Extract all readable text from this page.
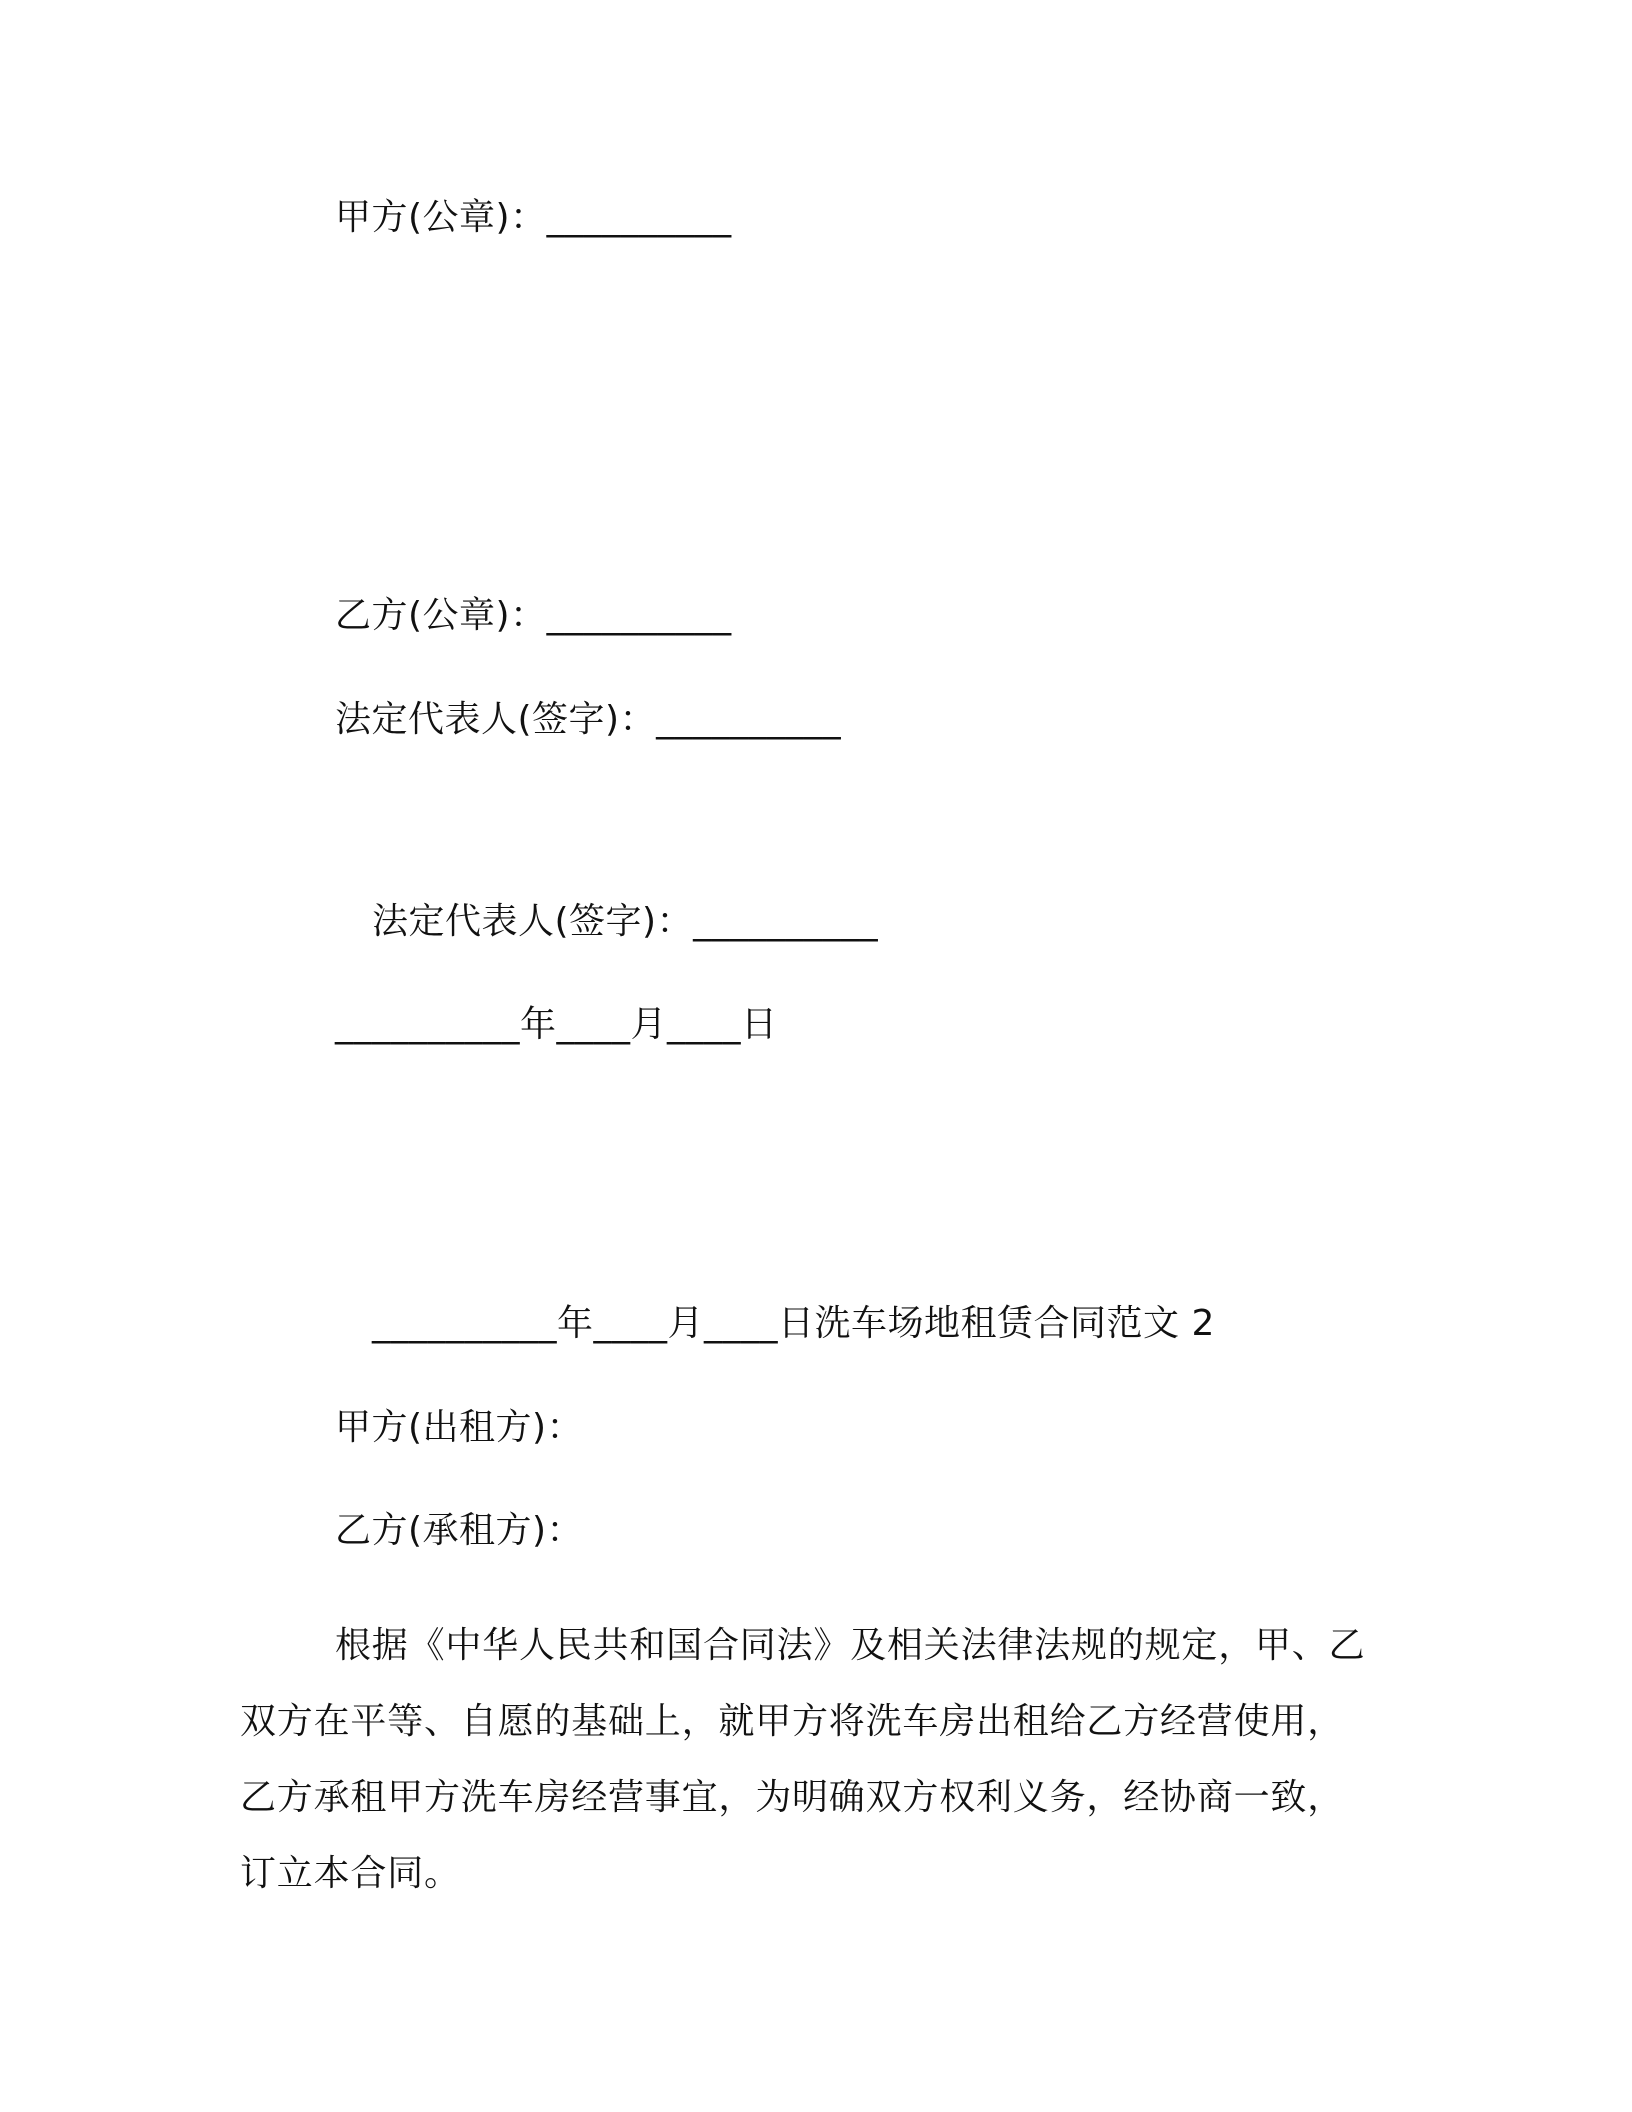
甲方(公章)：__________
乙方(公章)：__________
法定代表人(签字)：__________
法定代表人(签字)：__________
__________年____月____日
__________年____月____日洗车场地租赁合同范文 2
甲方(出租方)：
乙方(承租方)：
根据《中华人民共和国合同法》及相关法律法规的规定，甲、乙
双方在平等、自愿的基础上，就甲方将洗车房出租给乙方经营使用，
乙方承租甲方洗车房经营事宜，为明确双方权利义务，经协商一致，
订立本合同。
